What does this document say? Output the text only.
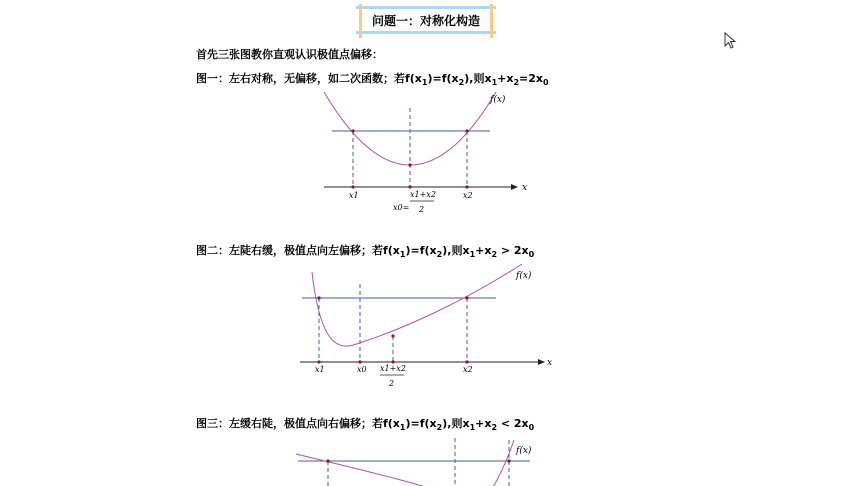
问题一：对称化构造
首先三张图教你直观认识极值点偏移：
图一：左右对称，无偏移，如二次函数；若$f(x_1)=f(x_2)$,则$x_1+x_2=2x_0$
x
f(x)
x1	x1+x2
2
x2
x0=
图二：左陡右缓，极值点向左偏移；若$f(x_1)=f(x_2)$,则$x_1+x_2 > 2x_0$
x
f(x)
x1	x0 x1+x2
2
x2
图三：左缓右陡，极值点向右偏移；若$f(x_1)=f(x_2)$,则$x_1+x_2 < 2x_0$
f(x)
